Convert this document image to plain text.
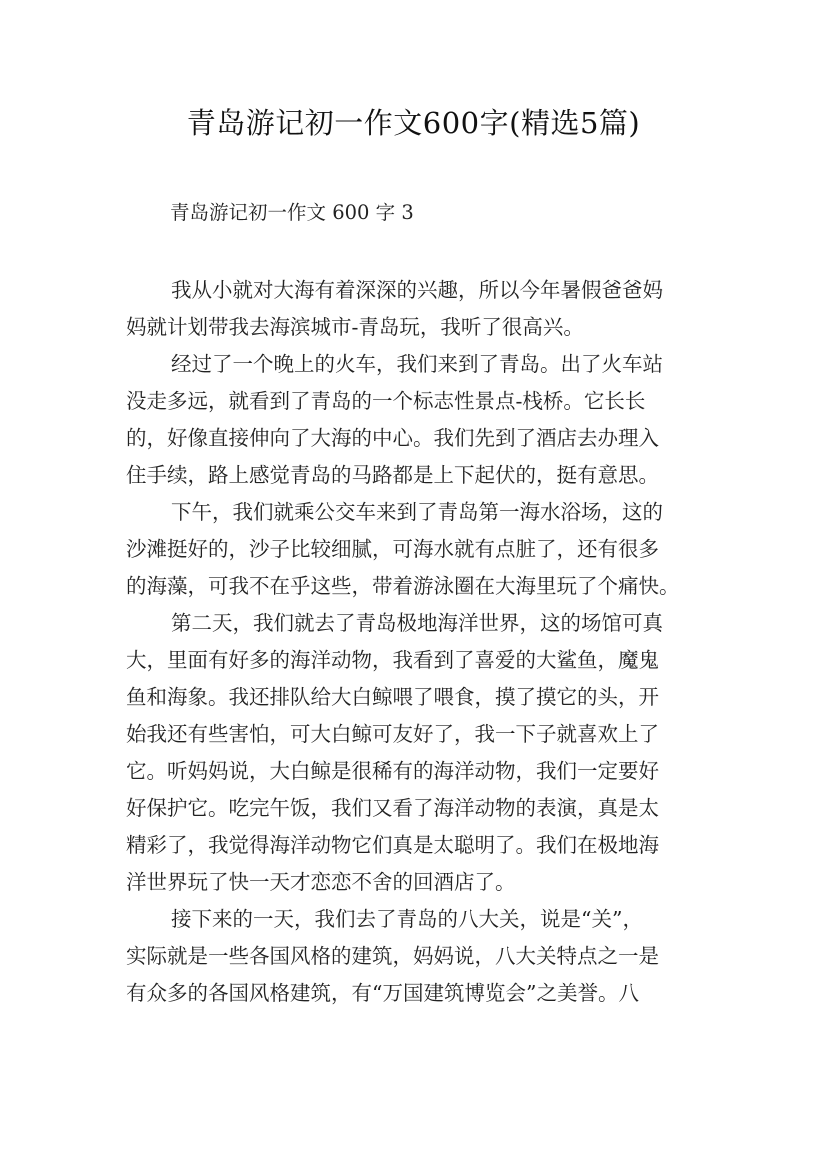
青岛游记初一作文600字(精选5篇)
青岛游记初一作文 600 字 3
我从小就对大海有着深深的兴趣，所以今年暑假爸爸妈
妈就计划带我去海滨城市-青岛玩，我听了很高兴。
经过了一个晚上的火车，我们来到了青岛。出了火车站
没走多远，就看到了青岛的一个标志性景点-栈桥。它长长
的，好像直接伸向了大海的中心。我们先到了酒店去办理入
住手续，路上感觉青岛的马路都是上下起伏的，挺有意思。
下午，我们就乘公交车来到了青岛第一海水浴场，这的
沙滩挺好的，沙子比较细腻，可海水就有点脏了，还有很多
的海藻，可我不在乎这些，带着游泳圈在大海里玩了个痛快。
第二天，我们就去了青岛极地海洋世界，这的场馆可真
大，里面有好多的海洋动物，我看到了喜爱的大鲨鱼，魔鬼
鱼和海象。我还排队给大白鲸喂了喂食，摸了摸它的头，开
始我还有些害怕，可大白鲸可友好了，我一下子就喜欢上了
它。听妈妈说，大白鲸是很稀有的海洋动物，我们一定要好
好保护它。吃完午饭，我们又看了海洋动物的表演，真是太
精彩了，我觉得海洋动物它们真是太聪明了。我们在极地海
洋世界玩了快一天才恋恋不舍的回酒店了。
接下来的一天，我们去了青岛的八大关，说是“关”，
实际就是一些各国风格的建筑，妈妈说，八大关特点之一是
有众多的各国风格建筑，有“万国建筑博览会”之美誉。八
